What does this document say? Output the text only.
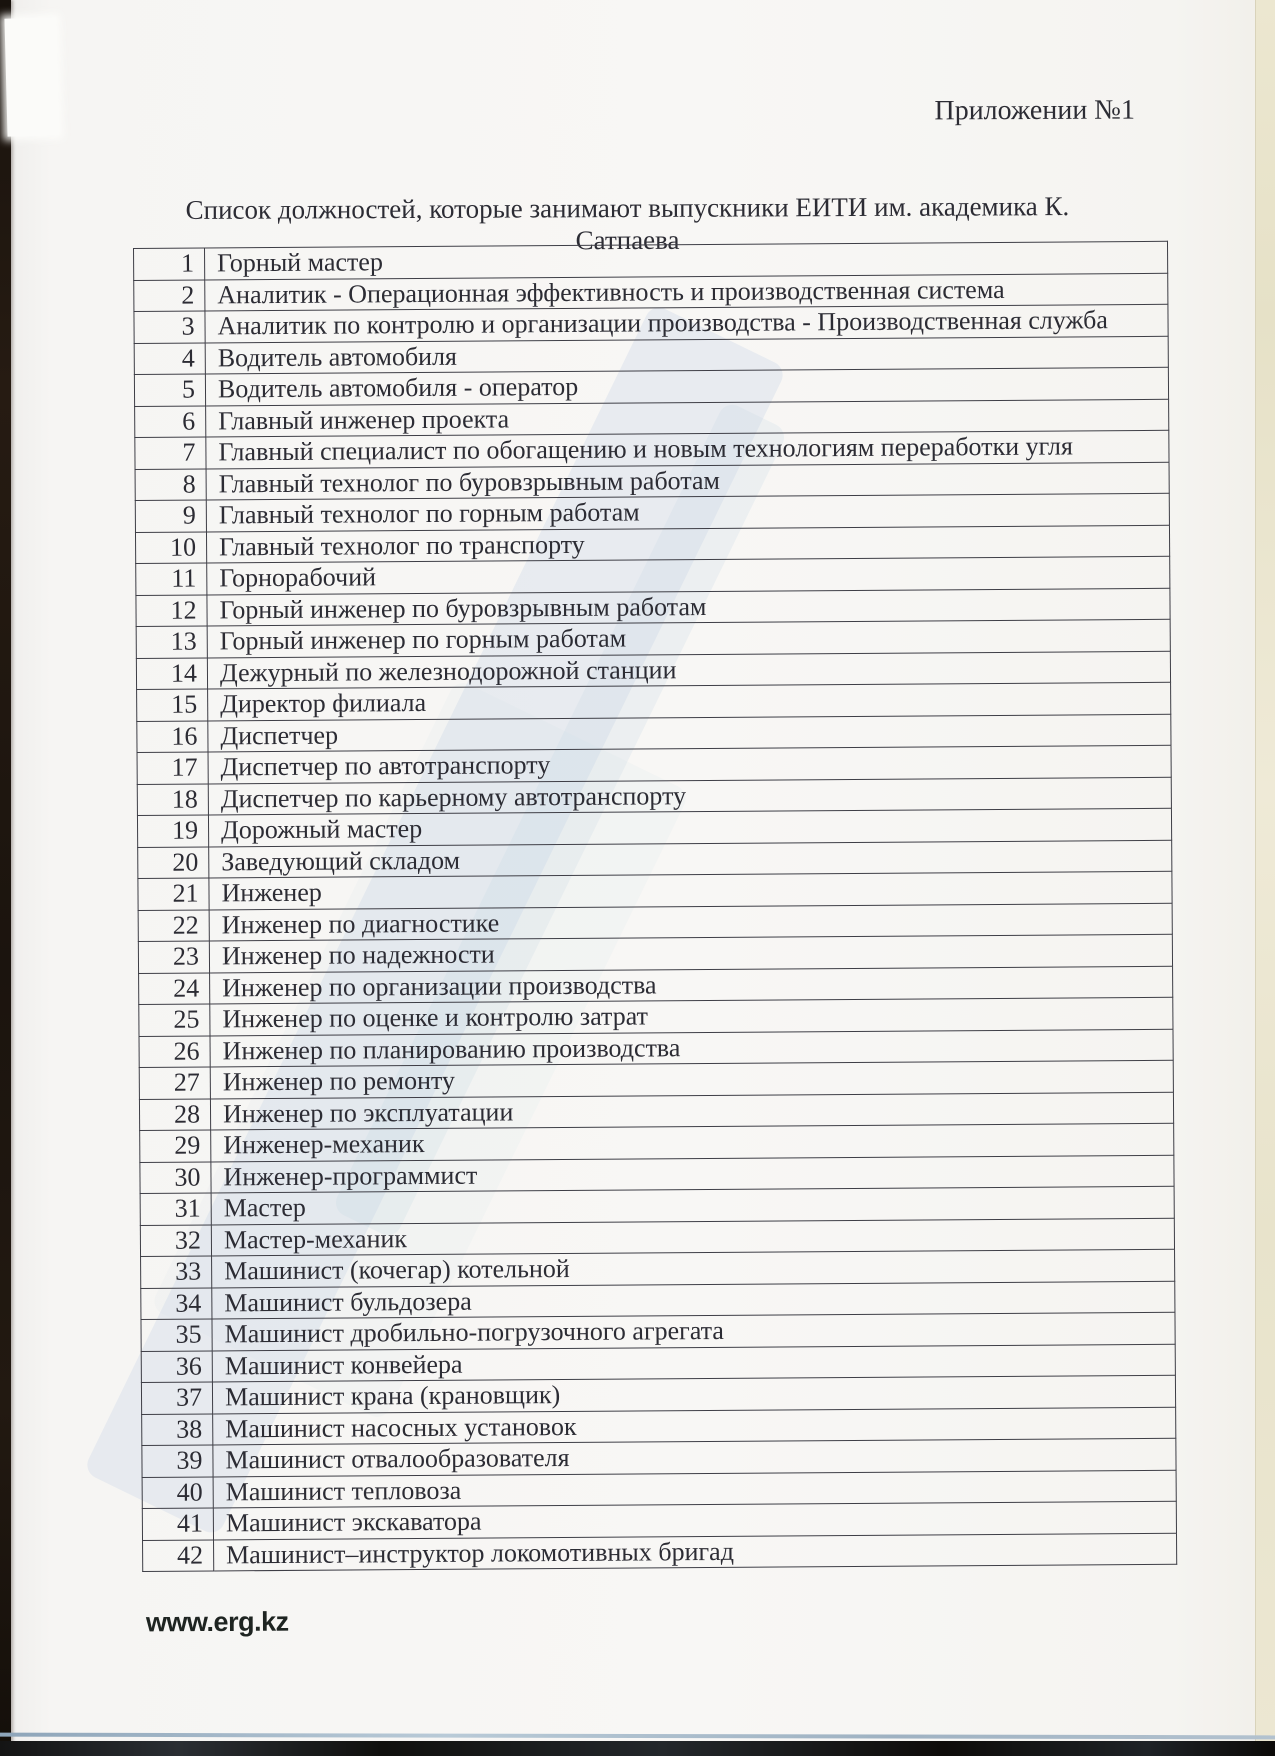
Приложении №1
Список должностей, которые занимают выпускники ЕИТИ им. академика К. Сатпаева
1	Горный мастер
2	Аналитик - Операционная эффективность и производственная система
3	Аналитик по контролю и организации производства - Производственная служба
4	Водитель автомобиля
5	Водитель автомобиля - оператор
6	Главный инженер проекта
7	Главный специалист по обогащению и новым технологиям переработки угля
8	Главный технолог по буровзрывным работам
9	Главный технолог по горным работам
10	Главный технолог по транспорту
11	Горнорабочий
12	Горный инженер по буровзрывным работам
13	Горный инженер по горным работам
14	Дежурный по железнодорожной станции
15	Директор филиала
16	Диспетчер
17	Диспетчер по автотранспорту
18	Диспетчер по карьерному автотранспорту
19	Дорожный мастер
20	Заведующий складом
21	Инженер
22	Инженер по диагностике
23	Инженер по надежности
24	Инженер по организации производства
25	Инженер по оценке и контролю затрат
26	Инженер по планированию производства
27	Инженер по ремонту
28	Инженер по эксплуатации
29	Инженер-механик
30	Инженер-программист
31	Мастер
32	Мастер-механик
33	Машинист (кочегар) котельной
34	Машинист бульдозера
35	Машинист дробильно-погрузочного агрегата
36	Машинист конвейера
37	Машинист крана (крановщик)
38	Машинист насосных установок
39	Машинист отвалообразователя
40	Машинист тепловоза
41	Машинист экскаватора
42	Машинист–инструктор локомотивных бригад
www.erg.kz
